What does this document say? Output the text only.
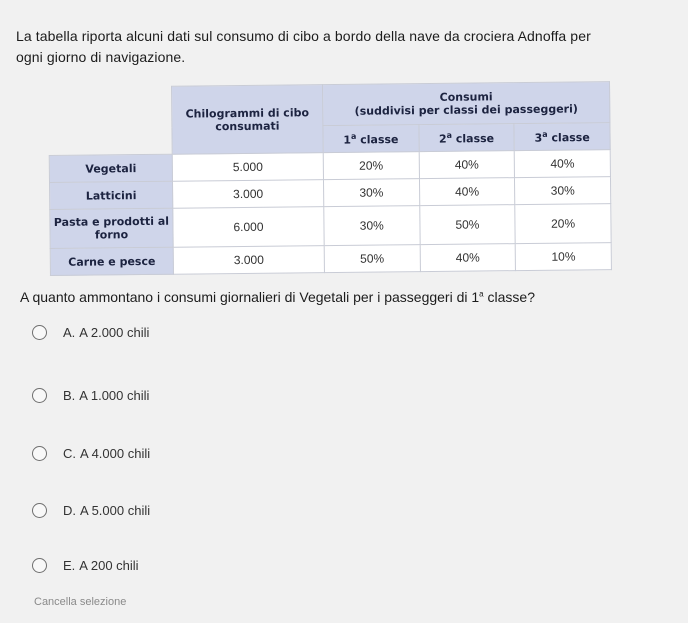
La tabella riporta alcuni dati sul consumo di cibo a bordo della nave da crociera Adnoffa per
ogni giorno di navigazione.
	Chilogrammi di cibo consumati	Consumi
(suddivisi per classi dei passeggeri)		

		1$^a$ classe	2$^a$ classe	3$^a$ classe
Vegetali	5.000	20%	40%	40%
Latticini	3.000	30%	40%	30%
Pasta e prodotti al forno	6.000	30%	50%	20%
Carne e pesce	3.000	50%	40%	10%
A quanto ammontano i consumi giornalieri di Vegetali per i passeggeri di 1$^a$ classe?
A. A 2.000 chili
B. A 1.000 chili
C. A 4.000 chili
D. A 5.000 chili
E. A 200 chili
Cancella selezione
